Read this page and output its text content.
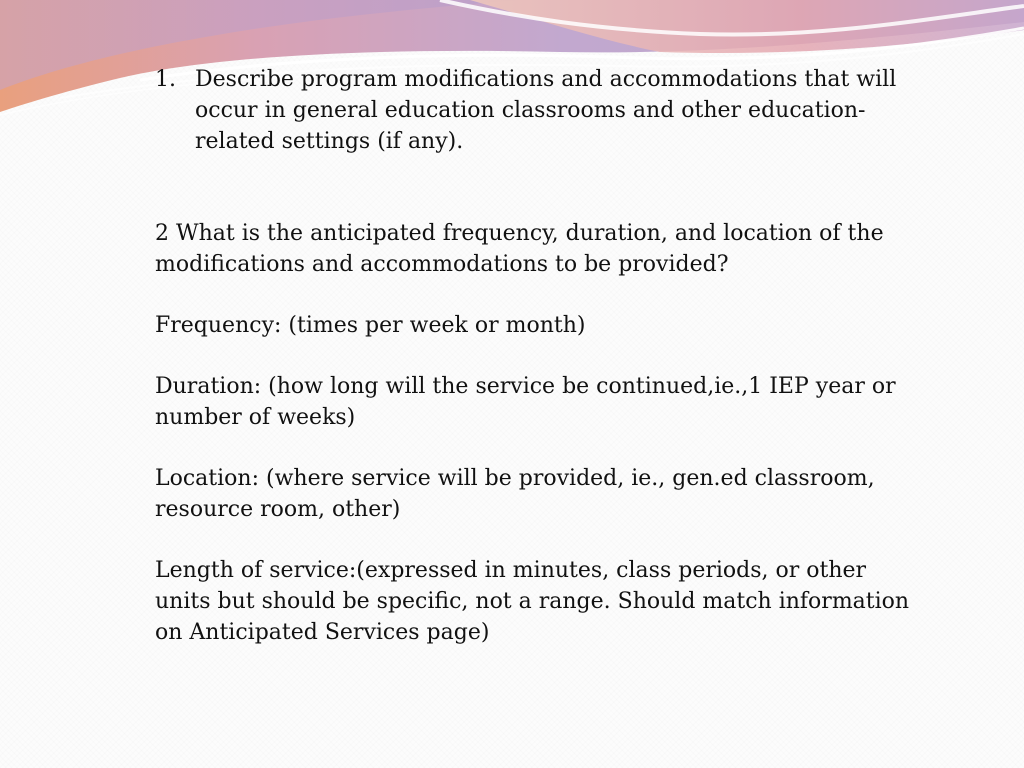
1. Describe program modifications and accommodations that will occur in general education classrooms and other education-related settings (if any).

2 What is the anticipated frequency, duration, and location of the modifications and accommodations to be provided?

Frequency: (times per week or month)

Duration: (how long will the service be continued,ie.,1 IEP year or number of weeks)

Location: (where service will be provided, ie., gen.ed classroom, resource room, other)

Length of service:(expressed in minutes, class periods, or other units but should be specific, not a range. Should match information on Anticipated Services page)
